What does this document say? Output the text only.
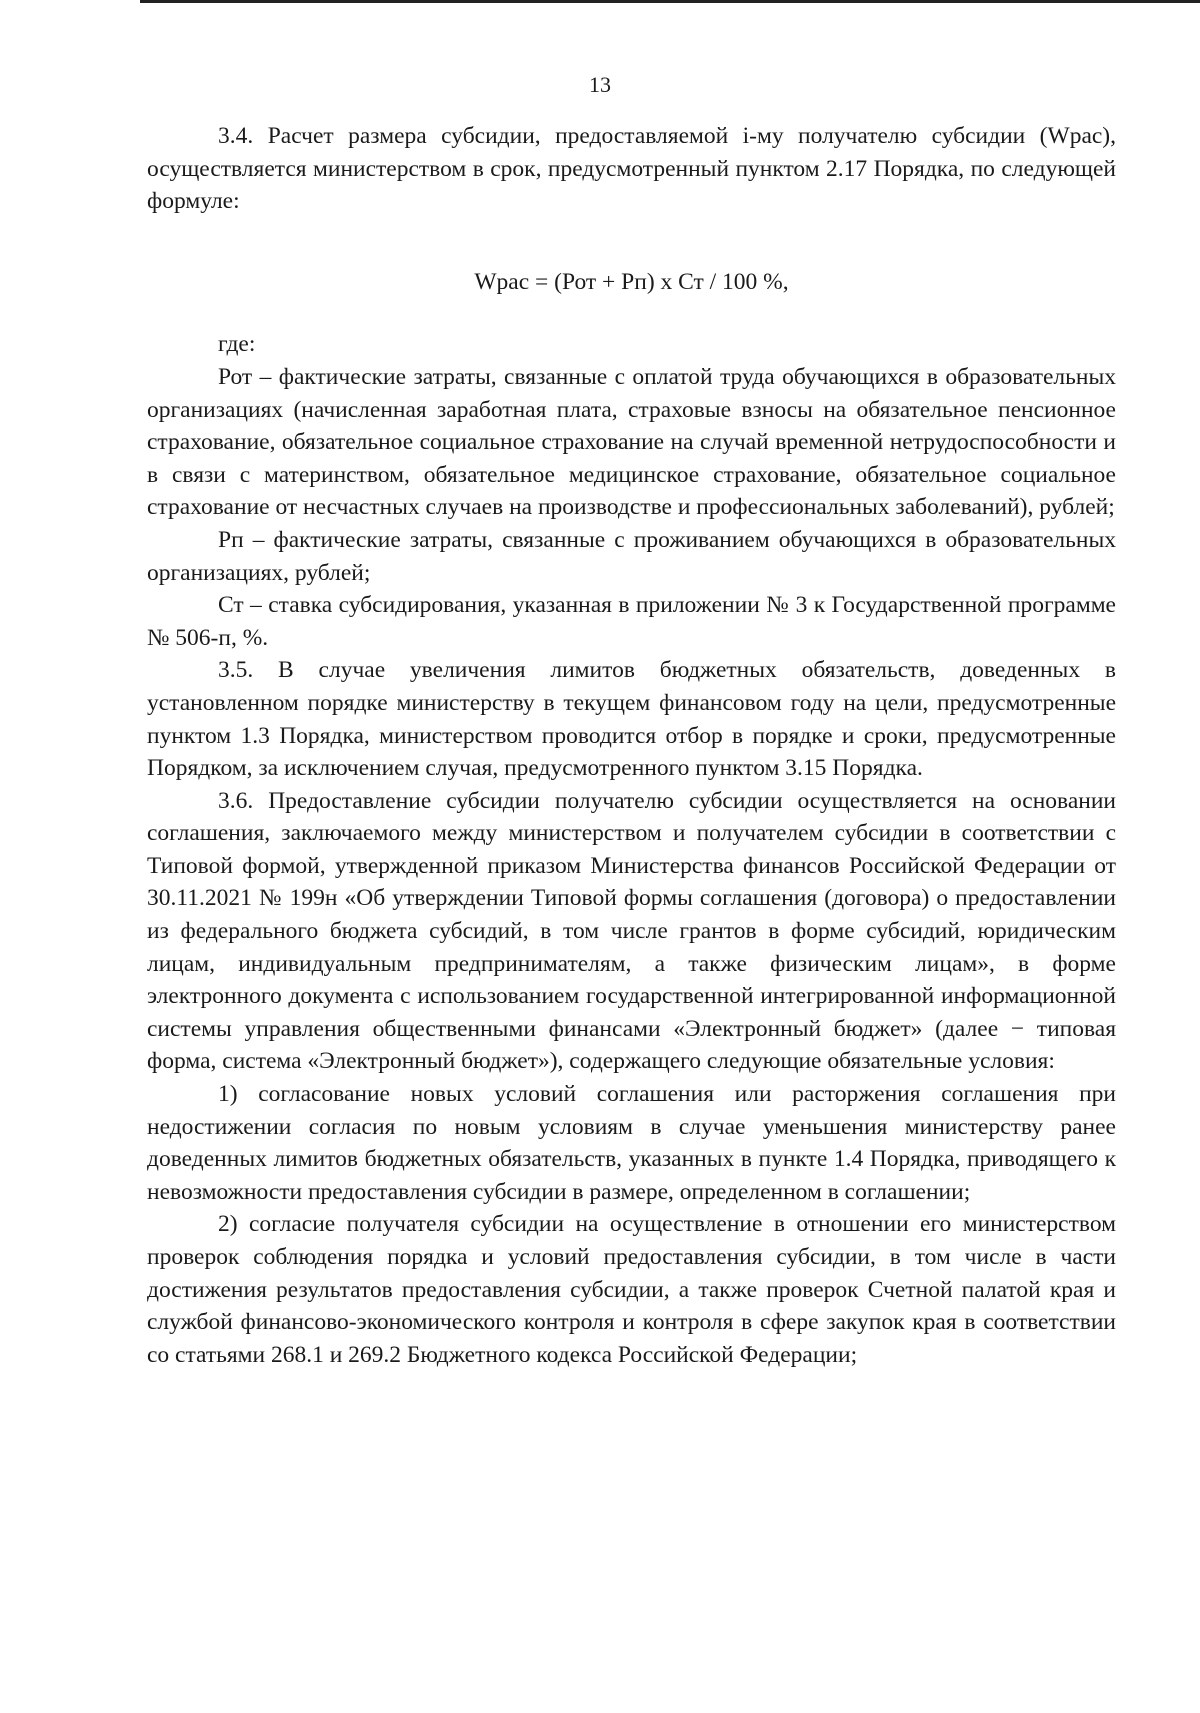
13

3.4. Расчет размера субсидии, предоставляемой i-му получателю субсидии (Wрас), осуществляется министерством в срок, предусмотренный пунктом 2.17 Порядка, по следующей формуле:

Wрас = (Рот + Рп) х Ст / 100 %,

где:

Рот – фактические затраты, связанные с оплатой труда обучающихся в образовательных организациях (начисленная заработная плата, страховые взносы на обязательное пенсионное страхование, обязательное социальное страхование на случай временной нетрудоспособности и в связи с материнством, обязательное медицинское страхование, обязательное социальное страхование от несчастных случаев на производстве и профессиональных заболеваний), рублей;

Рп – фактические затраты, связанные с проживанием обучающихся в образовательных организациях, рублей;

Ст – ставка субсидирования, указанная в приложении № 3 к Государственной программе № 506-п, %.

3.5. В случае увеличения лимитов бюджетных обязательств, доведенных в установленном порядке министерству в текущем финансовом году на цели, предусмотренные пунктом 1.3 Порядка, министерством проводится отбор в порядке и сроки, предусмотренные Порядком, за исключением случая, предусмотренного пунктом 3.15 Порядка.

3.6. Предоставление субсидии получателю субсидии осуществляется на основании соглашения, заключаемого между министерством и получателем субсидии в соответствии с Типовой формой, утвержденной приказом Министерства финансов Российской Федерации от 30.11.2021 № 199н «Об утверждении Типовой формы соглашения (договора) о предоставлении из федерального бюджета субсидий, в том числе грантов в форме субсидий, юридическим лицам, индивидуальным предпринимателям, а также физическим лицам», в форме электронного документа с использованием государственной интегрированной информационной системы управления общественными финансами «Электронный бюджет» (далее − типовая форма, система «Электронный бюджет»), содержащего следующие обязательные условия:

1) согласование новых условий соглашения или расторжения соглашения при недостижении согласия по новым условиям в случае уменьшения министерству ранее доведенных лимитов бюджетных обязательств, указанных в пункте 1.4 Порядка, приводящего к невозможности предоставления субсидии в размере, определенном в соглашении;

2) согласие получателя субсидии на осуществление в отношении его министерством проверок соблюдения порядка и условий предоставления субсидии, в том числе в части достижения результатов предоставления субсидии, а также проверок Счетной палатой края и службой финансово-экономического контроля и контроля в сфере закупок края в соответствии со статьями 268.1 и 269.2 Бюджетного кодекса Российской Федерации;
